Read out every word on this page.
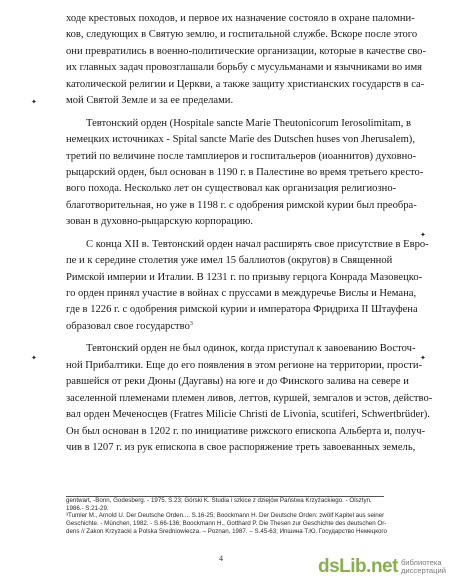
✦
✦
✦
✦
ходе крестовых походов, и первое их назначение состояло в охране паломни-
ков, следующих в Святую землю, и госпитальной службе. Вскоре после этого
они превратились в военно-политические организации, которые в качестве сво-
их главных задач провозглашали борьбу с мусульманами и язычниками во имя
католической религии и Церкви, а также защиту христианских государств в са-
мой Святой Земле и за ее пределами.
Тевтонский орден (Hospitale sancte Marie Theutonicorum Ierosolimitam, в
немецких источниках - Spital sancte Marie des Dutschen huses von Jherusalem),
третий по величине после тамплиеров и госпитальеров (иоаннитов) духовно-
рыцарский орден, был основан в 1190 г. в Палестине во время третьего кресто-
вого похода. Несколько лет он существовал как организация религиозно-
благотворительная, но уже в 1198 г. с одобрения римской курии был преобра-
зован в духовно-рыцарскую корпорацию.
С конца XII в. Тевтонский орден начал расширять свое присутствие в Евро-
пе и к середине столетия уже имел 15 баллиотов (округов) в Священной
Римской империи и Италии. В 1231 г. по призыву герцога Конрада Мазовецко-
го орден принял участие в войнах с пруссами в междуречье Вислы и Немана,
где в 1226 г. с одобрения римской курии и императора Фридриха II Штауфена
образовал свое государство$^3$
Тевтонский орден не был одинок, когда приступал к завоеванию Восточ-
ной Прибалтики. Еще до его появления в этом регионе на территории, прости-
равшейся от реки Дюны (Даугавы) на юге и до Финского залива на севере и
заселенной племенами племен ливов, леттов, куршей, земгалов и эстов, действо-
вал орден Меченосцев (Fratres Milicie Christi de Livonia, scutiferi, Schwertbrüder).
Он был основан в 1202 г. по инициативе рижского епископа Альберта и, получ-
чив в 1207 г. из рук епископа в свое распоряжение треть завоеванных земель,
gentwart, -Bonn, Godesberg. - 1975. S.23; Górski K. Studia i szkice z dziejów Państwa Krzyżackiego. - Olsztyn,
1986.- S.21-29.
³Tumler M., Arnold U. Der Deutsche Orden.... S.16-25; Boockmann H. Der Deutsche Orden: zwölf Kapitel aus seiner
Geschichte. - München, 1982. - S.66-136; Boockmann H., Gotthard P. Die Thesen zur Geschichte des deutschen Or-
dens // Zakon Krzyzacki a Polska Sredniowiecza. – Poznan, 1987. – S.45-63; Ипшина Т.Ю. Государство Немецкого
4	dsLib.net библиотека диссертаций
